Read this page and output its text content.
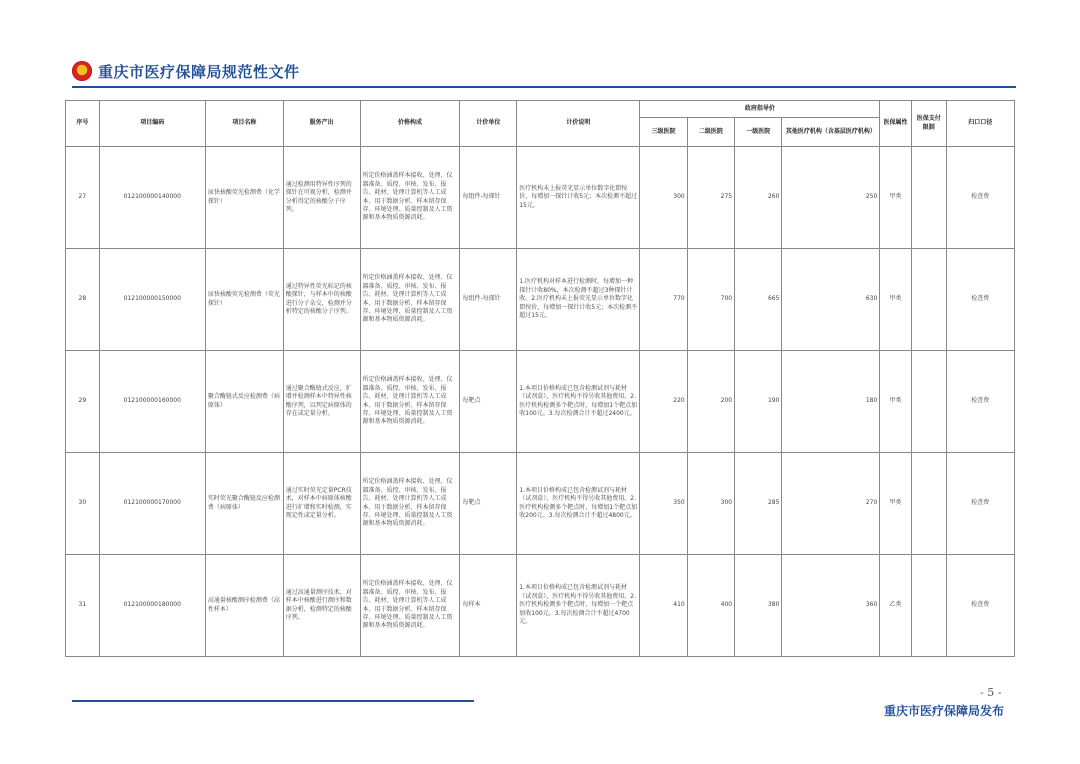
重庆市医疗保障局规范性文件
序号	项目编码	项目名称	服务产出	价格构成	计价单位	计价说明	政府指导价				医保属性	医保支付限制	归口口径
							三级医院	二级医院	一级医院	其他医疗机构（含基层医疗机构）			
27	012100000140000	尿快核酸荧光检测费（化学探针）	通过检测用特异性序列的探针在可视分析，检测并分析得定的核酸分子序列。	所定价格涵盖样本接收、处理、仪器准备、质控、审核、发布、报告、耗材、处理计算机等人工成本、用于数据分析、样本留存保存、环境处理、质量控制及人工资源和基本物质资源消耗。	每组件-每探针	医疗机构未上报荧光显示单位数字化即按价，每增加一探针计收5元；本次检测不超过15元。	300	275	260	250	甲类		检查费
28	012100000150000	尿快核酸荧光检测费（荧光探针）	通过特异性荧光标记的核酸探针，与样本中的核酸进行分子杂交，检测并分析特定的核酸分子序列。	所定价格涵盖样本接收、处理、仪器准备、质控、审核、发布、报告、耗材、处理计算机等人工成本、用于数据分析、样本留存保存、环境处理、质量控制及人工资源和基本物质资源消耗。	每组件-每探针	1.医疗机构对样本进行检测时，每增加一种探针计收80%，本次检测不超过3种探针计收。2.医疗机构未上报荧光显示单位数字化即按价，每增加一探针计收5元；本次检测不超过15元。	770	700	665	630	甲类		检查费
29	012100000160000	聚合酶链式反应检测费（病原体）	通过聚合酶链式反应，扩增并检测样本中特异性核酸序列，以判定病原体的存在或定量分析。	所定价格涵盖样本接收、处理、仪器准备、质控、审核、发布、报告、耗材、处理计算机等人工成本、用于数据分析、样本留存保存、环境处理、质量控制及人工资源和基本物质资源消耗。	每靶点	1.本项目价格构成已包含检测试剂与耗材（试剂盒），医疗机构不得另收其他费用。2.医疗机构检测多个靶点时，每增加1个靶点加收100元。3.每次检测合计不超过2400元。	220	200	190	180	甲类		检查费
30	012100000170000	实时荧光聚合酶链反应检测费（病原体）	通过实时荧光定量PCR技术，对样本中病原体核酸进行扩增和实时检测，实现定性或定量分析。	所定价格涵盖样本接收、处理、仪器准备、质控、审核、发布、报告、耗材、处理计算机等人工成本、用于数据分析、样本留存保存、环境处理、质量控制及人工资源和基本物质资源消耗。	每靶点	1.本项目价格构成已包含检测试剂与耗材（试剂盒），医疗机构不得另收其他费用。2.医疗机构检测多个靶点时，每增加1个靶点加收200元。3.每次检测合计不超过4800元。	350	300	285	270	甲类		检查费
31	012100000180000	高通量核酸测序检测费（高性样本）	通过高通量测序技术，对样本中核酸进行测序和数据分析，检测特定的核酸序列。	所定价格涵盖样本接收、处理、仪器准备、质控、审核、发布、报告、耗材、处理计算机等人工成本、用于数据分析、样本留存保存、环境处理、质量控制及人工资源和基本物质资源消耗。	每样本	1.本项目价格构成已包含检测试剂与耗材（试剂盒），医疗机构不得另收其他费用。2.医疗机构检测多个靶点时，每增加一个靶点加收100元。3.每次检测合计不超过4700元。	410	400	380	360	乙类		检查费
- 5 -
重庆市医疗保障局发布
